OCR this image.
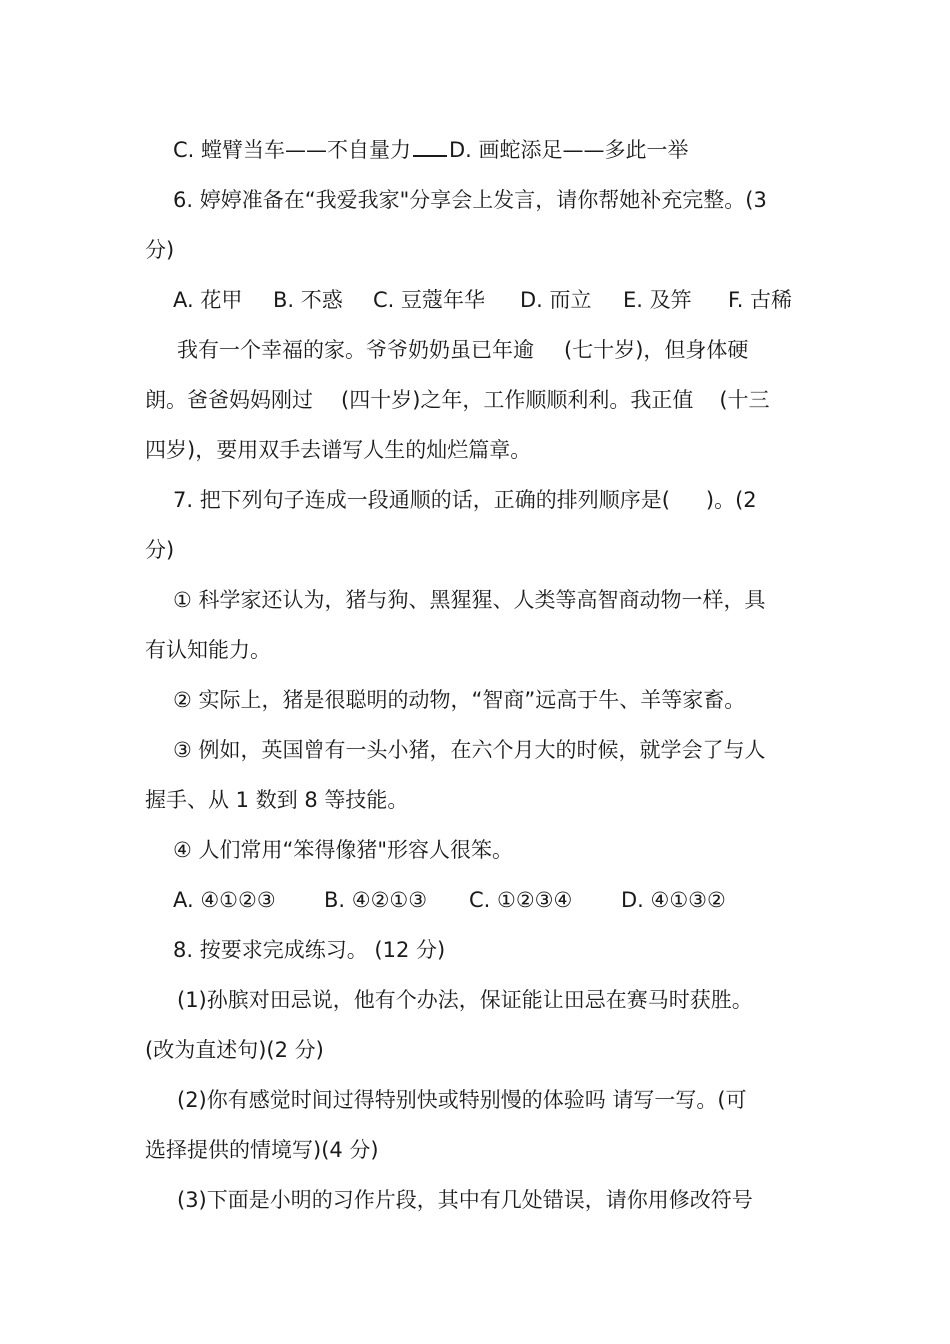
C. 螳臂当车——不自量力 D. 画蛇添足——多此一举
6. 婷婷准备在“我爱我家"分享会上发言，请你帮她补充完整。(3
分)
A. 花甲 B. 不惑 C. 豆蔻年华 D. 而立 E. 及笄 F. 古稀
我有一个幸福的家。爷爷奶奶虽已年逾 (七十岁)，但身体硬
朗。爸爸妈妈刚过 (四十岁)之年，工作顺顺利利。我正值 (十三
四岁)，要用双手去谱写人生的灿烂篇章。
7. 把下列句子连成一段通顺的话，正确的排列顺序是( )。(2
分)
① 科学家还认为，猪与狗、黑猩猩、人类等高智商动物一样，具
有认知能力。
② 实际上，猪是很聪明的动物，“智商”远高于牛、羊等家畜。
③ 例如，英国曾有一头小猪，在六个月大的时候，就学会了与人
握手、从 1 数到 8 等技能。
④ 人们常用“笨得像猪"形容人很笨。
A. ④①②③ B. ④②①③ C. ①②③④ D. ④①③②
8. 按要求完成练习。 (12 分)
(1)孙膑对田忌说，他有个办法，保证能让田忌在赛马时获胜。
(改为直述句)(2 分)
(2)你有感觉时间过得特别快或特别慢的体验吗 请写一写。(可
选择提供的情境写)(4 分)
(3)下面是小明的习作片段，其中有几处错误，请你用修改符号
